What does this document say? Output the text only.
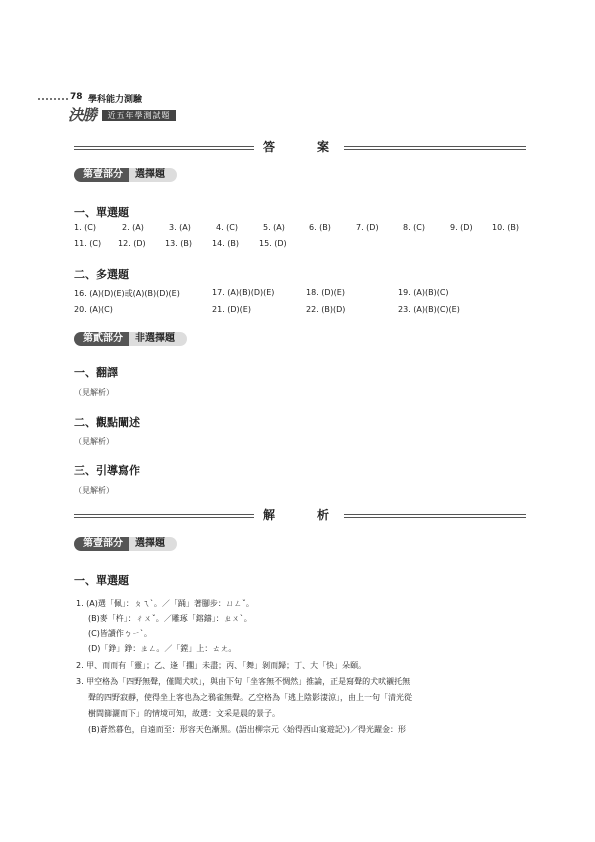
78 學科能力測驗
決勝	近五年學測試題
答　　案
第壹部分	選擇題
一、單選題
1. (C)	2. (A)	3. (A)	4. (C)	5. (A)	6. (B)	7. (D)	8. (C)	9. (D) 10. (B)
11. (C) 12. (D) 13. (B)	14. (B)	15. (D)
二、多選題
16. (A)(D)(E)或(A)(B)(D)(E)	17. (A)(B)(D)(E)	18. (D)(E)	19. (A)(B)(C)
20. (A)(C)	21. (D)(E)	22. (B)(D)	23. (A)(B)(C)(E)
第貳部分	非選擇題
一、翻譯
（見解析）
二、觀點闡述
（見解析）
三、引導寫作
（見解析）
解　　析
第壹部分	選擇題
一、單選題
1. (A)選「佩」：ㄆㄟˋ。／「踊」著腳步：ㄩㄥˇ。
(B)麥「杵」：ㄔㄨˇ。／雕琢「鎔鑄」：ㄓㄨˋ。
(C)皆讀作ㄅㄧˋ。
(D)「錚」錚：ㄓㄥ。／「鏜」上：ㄊㄤ。
2. 甲、而而有「靈」；乙、逢「擱」未盡；丙、「舞」剝而歸；丁、大「快」朵頤。
3. 甲空格為「四野無聲，僅聞犬吠」，與由下句「坐客無不惆然」推論，正是寫聲的犬吠襯托無
聲的四野寂靜，使得坐上客也為之鴉雀無聲。乙空格為「逃上陰影淒涼」，由上一句「清光從
樹間篩灑而下」的情境可知，故選：文采是晨的景子。
(B)蒼然暮色，自遠而至：形容天色漸黑。(語出柳宗元〈始得西山宴遊記〉)／得光躍金：形
